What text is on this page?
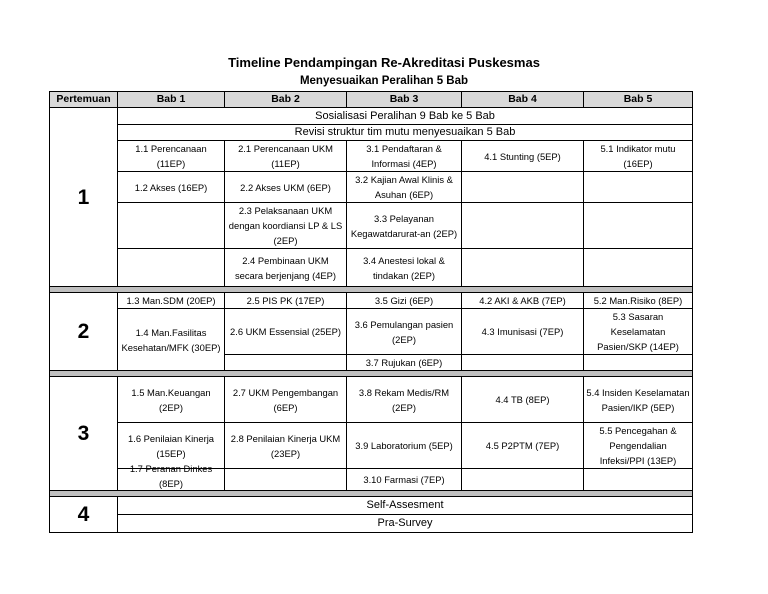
Timeline Pendampingan Re-Akreditasi Puskesmas
Menyesuaikan Peralihan 5 Bab
Pertemuan	Bab 1	Bab 2	Bab 3	Bab 4	Bab 5
1	Sosialisasi Peralihan 9 Bab ke 5 Bab				
	Revisi struktur tim mutu menyesuaikan 5 Bab				
	1.1 Perencanaan (11EP)	2.1 Perencanaan UKM (11EP)	3.1 Pendaftaran & Informasi (4EP)	4.1 Stunting (5EP)	5.1 Indikator mutu (16EP)
	1.2 Akses (16EP)	2.2 Akses UKM (6EP)	3.2 Kajian Awal Klinis & Asuhan (6EP)		
		2.3 Pelaksanaan UKM dengan koordiansi LP & LS (2EP)	3.3 Pelayanan Kegawatdarurat-an (2EP)		
		2.4 Pembinaan UKM secara berjenjang (4EP)	3.4 Anestesi lokal & tindakan (2EP)		

2	1.3 Man.SDM (20EP)	2.5 PIS PK (17EP)	3.5 Gizi (6EP)	4.2 AKI & AKB (7EP)	5.2 Man.Risiko (8EP)
	1.4 Man.Fasilitas Kesehatan/MFK (30EP)	2.6 UKM Essensial (25EP)	3.6 Pemulangan pasien (2EP)	4.3 Imunisasi (7EP)	5.3 Sasaran Keselamatan Pasien/SKP (14EP)
			3.7 Rujukan (6EP)		

3	1.5 Man.Keuangan (2EP)	2.7 UKM Pengembangan (6EP)	3.8 Rekam Medis/RM (2EP)	4.4 TB (8EP)	5.4 Insiden Keselamatan Pasien/IKP (5EP)
	1.6 Penilaian Kinerja (15EP)	2.8 Penilaian Kinerja UKM (23EP)	3.9 Laboratorium (5EP)	4.5 P2PTM (7EP)	5.5 Pencegahan & Pengendalian Infeksi/PPI (13EP)

	1.7 Peranan Dinkes (8EP)		3.10 Farmasi (7EP)		

4	Self-Assesment				
	Pra-Survey				
